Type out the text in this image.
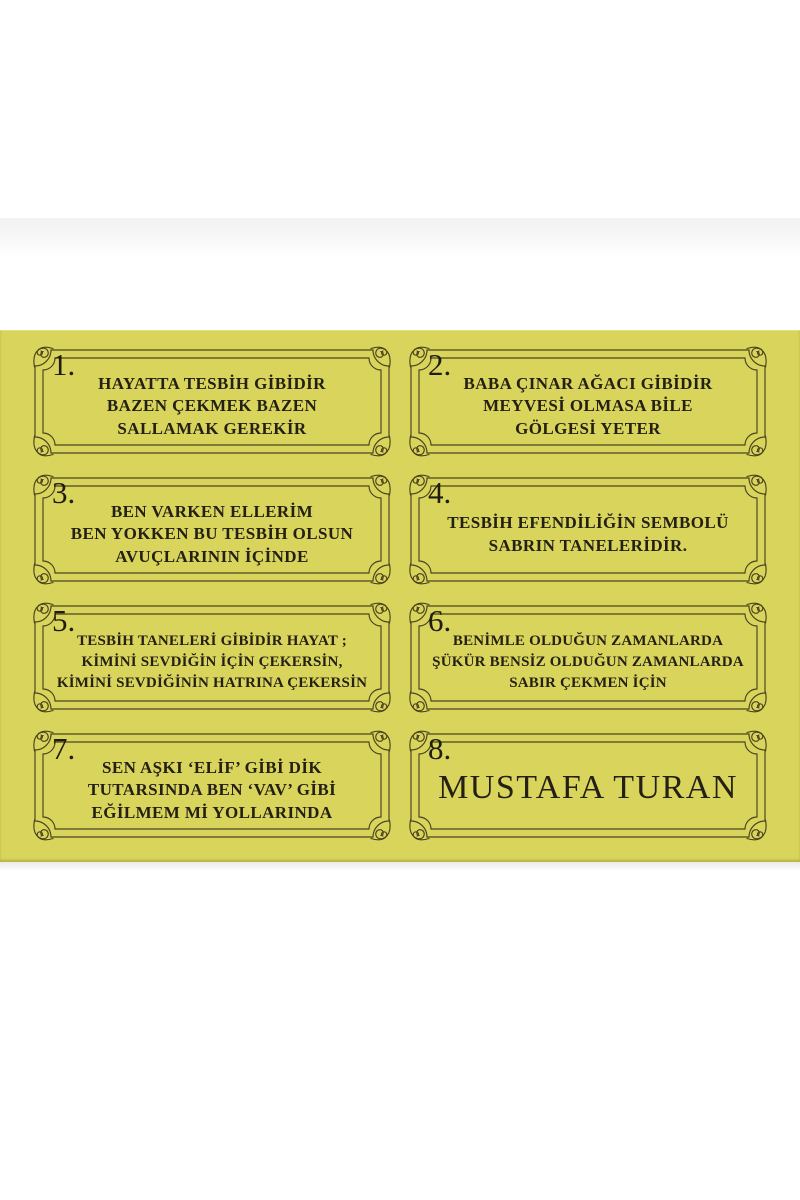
1.
HAYATTA TESBİH GİBİDİR
BAZEN ÇEKMEK BAZEN
SALLAMAK GEREKİR
2.
BABA ÇINAR AĞACI GİBİDİR
MEYVESİ OLMASA BİLE
GÖLGESİ YETER
3.
BEN VARKEN ELLERİM
BEN YOKKEN BU TESBİH OLSUN
AVUÇLARININ İÇİNDE
4.
TESBİH EFENDİLİĞİN SEMBOLÜ
SABRIN TANELERİDİR.
5.
TESBİH TANELERİ GİBİDİR HAYAT ;
KİMİNİ SEVDİĞİN İÇİN ÇEKERSİN,
KİMİNİ SEVDİĞİNİN HATRINA ÇEKERSİN
6.
BENİMLE OLDUĞUN ZAMANLARDA
ŞÜKÜR BENSİZ OLDUĞUN ZAMANLARDA
SABIR ÇEKMEN İÇİN
7.
SEN AŞKI ‘ELİF’ GİBİ DİK
TUTARSINDA BEN ‘VAV’ GİBİ
EĞİLMEM Mİ YOLLARINDA
8.
MUSTAFA TURAN
